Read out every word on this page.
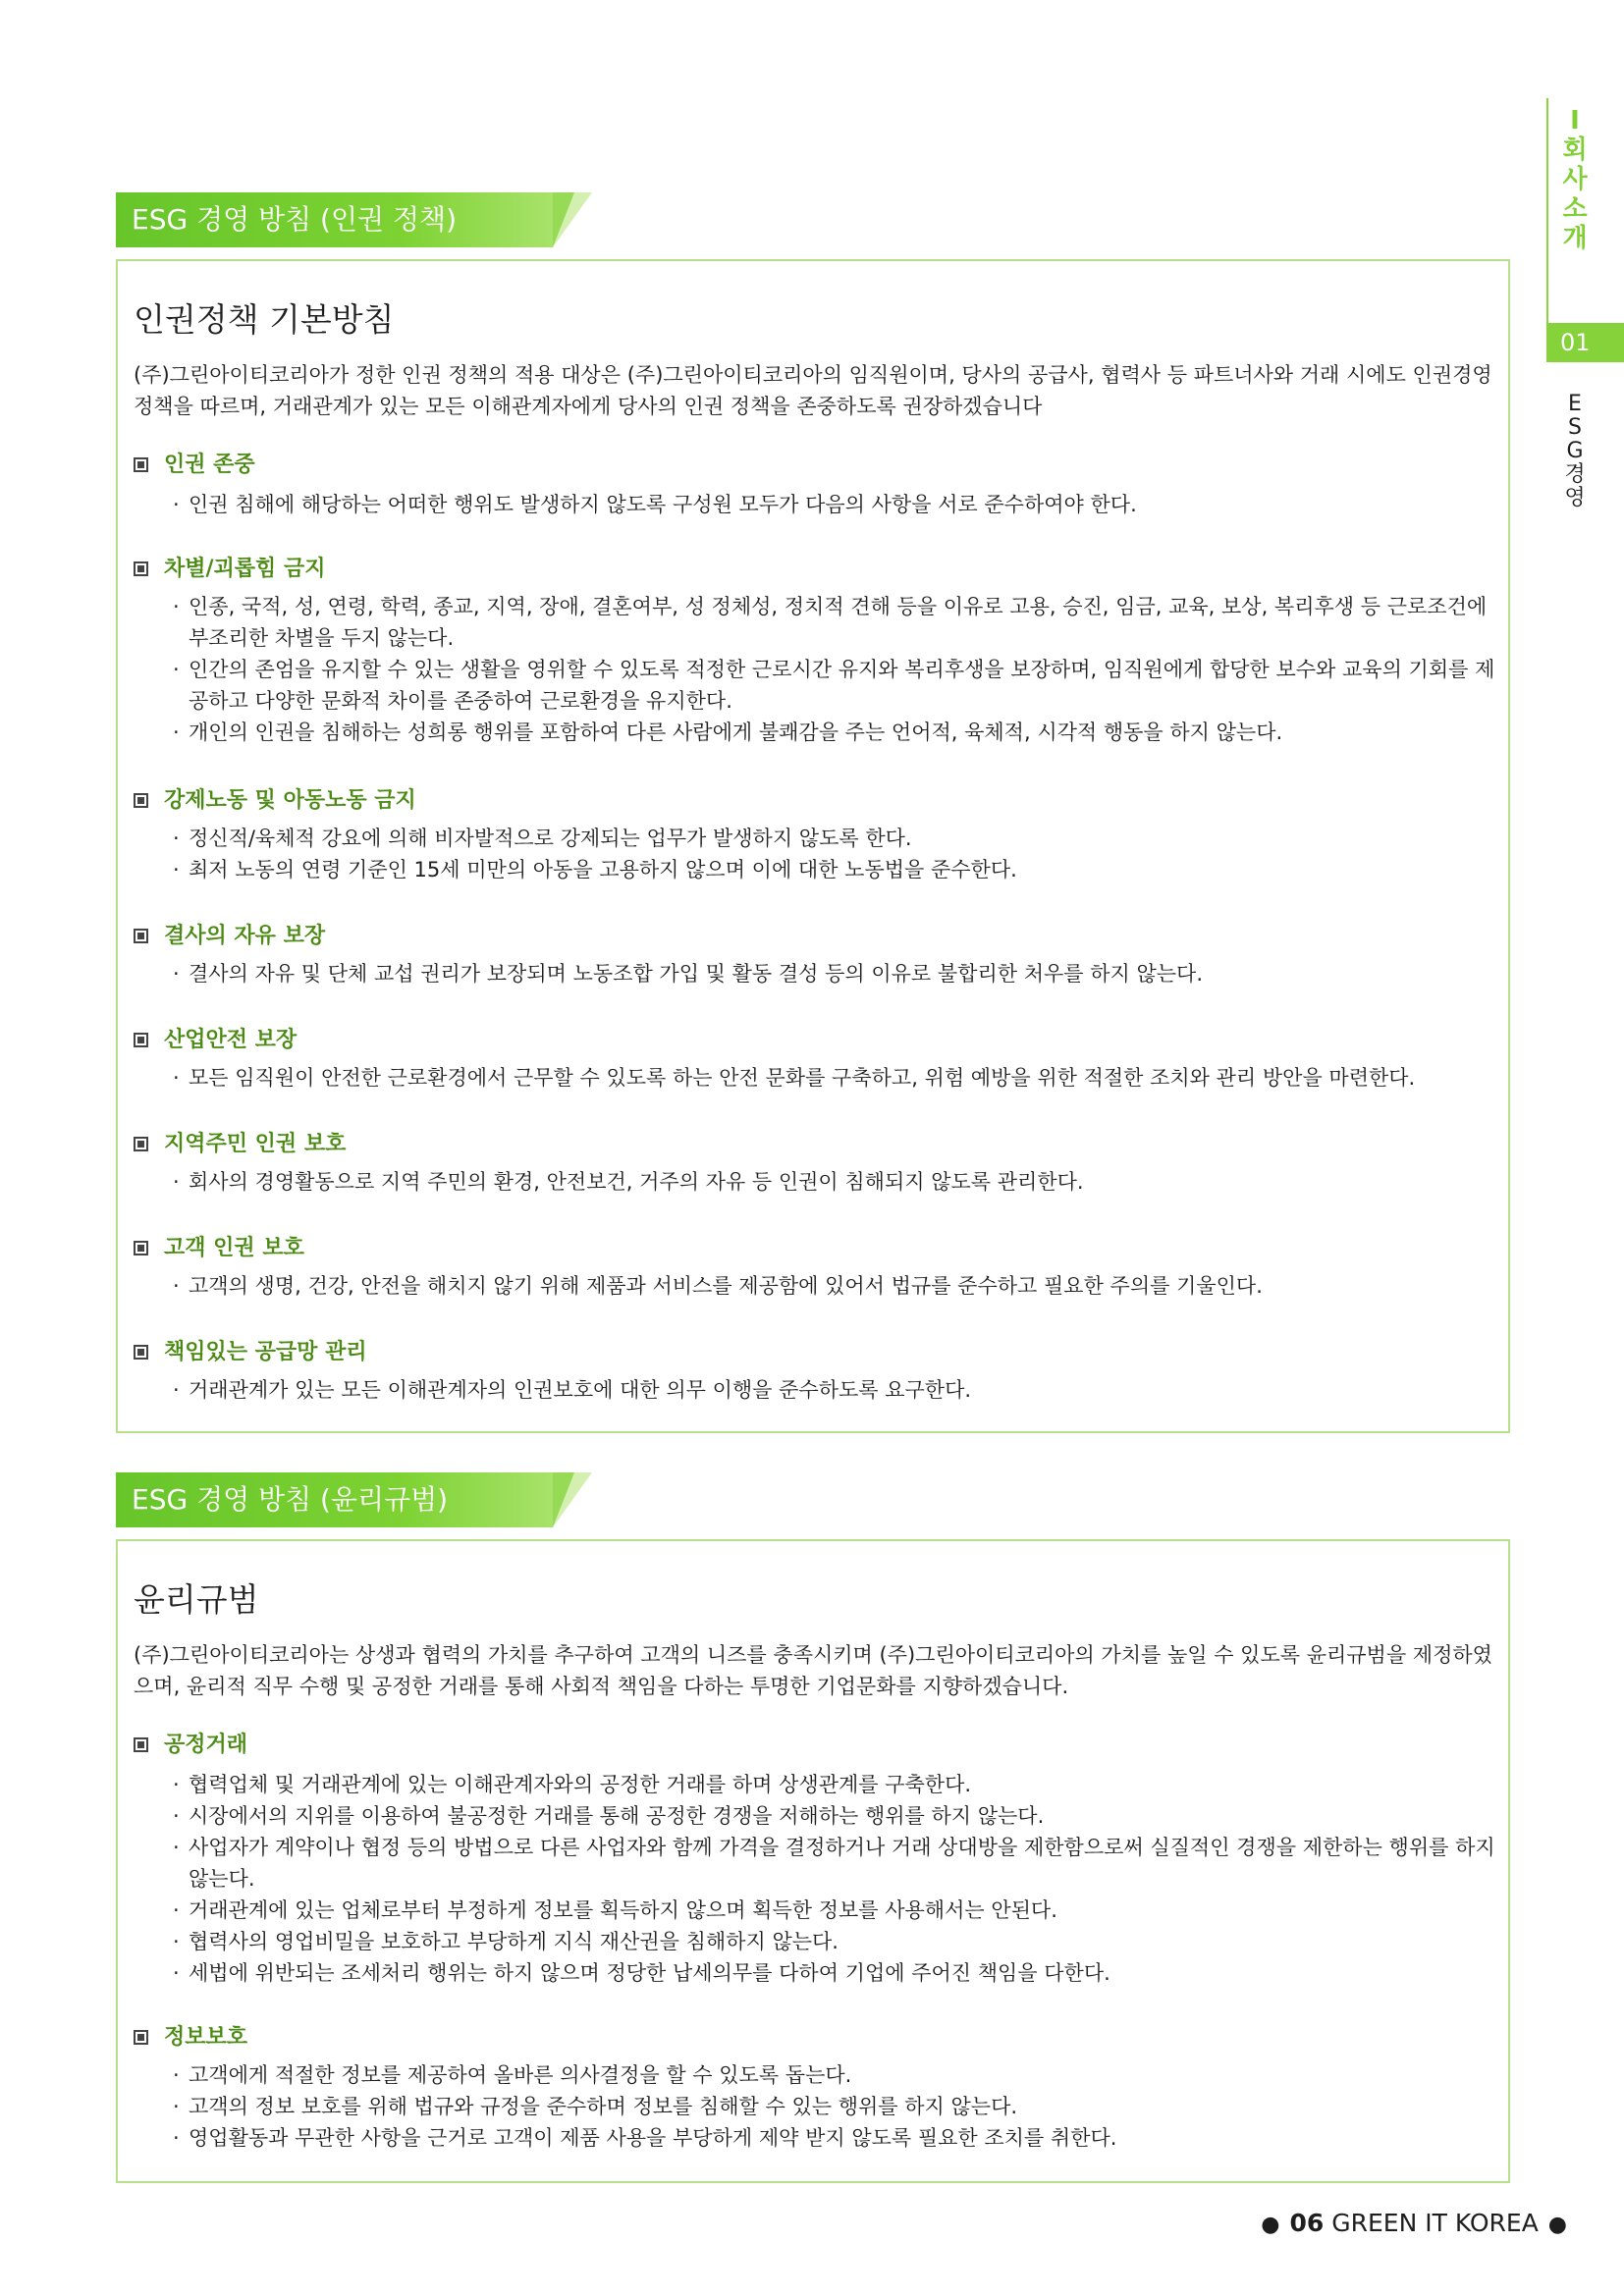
Ⅰ 회사소개
01
ESG경영
ESG 경영 방침 (인권 정책)
인권정책 기본방침
(주)그린아이티코리아가 정한 인권 정책의 적용 대상은 (주)그린아이티코리아의 임직원이며, 당사의 공급사, 협력사 등 파트너사와 거래 시에도 인권경영 정책을 따르며, 거래관계가 있는 모든 이해관계자에게 당사의 인권 정책을 존중하도록 권장하겠습니다
인권 존중
· 인권 침해에 해당하는 어떠한 행위도 발생하지 않도록 구성원 모두가 다음의 사항을 서로 준수하여야 한다.
차별/괴롭힘 금지
· 인종, 국적, 성, 연령, 학력, 종교, 지역, 장애, 결혼여부, 성 정체성, 정치적 견해 등을 이유로 고용, 승진, 임금, 교육, 보상, 복리후생 등 근로조건에 부조리한 차별을 두지 않는다.
· 인간의 존엄을 유지할 수 있는 생활을 영위할 수 있도록 적정한 근로시간 유지와 복리후생을 보장하며, 임직원에게 합당한 보수와 교육의 기회를 제공하고 다양한 문화적 차이를 존중하여 근로환경을 유지한다.
· 개인의 인권을 침해하는 성희롱 행위를 포함하여 다른 사람에게 불쾌감을 주는 언어적, 육체적, 시각적 행동을 하지 않는다.
강제노동 및 아동노동 금지
· 정신적/육체적 강요에 의해 비자발적으로 강제되는 업무가 발생하지 않도록 한다.
· 최저 노동의 연령 기준인 15세 미만의 아동을 고용하지 않으며 이에 대한 노동법을 준수한다.
결사의 자유 보장
· 결사의 자유 및 단체 교섭 권리가 보장되며 노동조합 가입 및 활동 결성 등의 이유로 불합리한 처우를 하지 않는다.
산업안전 보장
· 모든 임직원이 안전한 근로환경에서 근무할 수 있도록 하는 안전 문화를 구축하고, 위험 예방을 위한 적절한 조치와 관리 방안을 마련한다.
지역주민 인권 보호
· 회사의 경영활동으로 지역 주민의 환경, 안전보건, 거주의 자유 등 인권이 침해되지 않도록 관리한다.
고객 인권 보호
· 고객의 생명, 건강, 안전을 해치지 않기 위해 제품과 서비스를 제공함에 있어서 법규를 준수하고 필요한 주의를 기울인다.
책임있는 공급망 관리
· 거래관계가 있는 모든 이해관계자의 인권보호에 대한 의무 이행을 준수하도록 요구한다.
ESG 경영 방침 (윤리규범)
윤리규범
(주)그린아이티코리아는 상생과 협력의 가치를 추구하여 고객의 니즈를 충족시키며 (주)그린아이티코리아의 가치를 높일 수 있도록 윤리규범을 제정하였으며, 윤리적 직무 수행 및 공정한 거래를 통해 사회적 책임을 다하는 투명한 기업문화를 지향하겠습니다.
공정거래
· 협력업체 및 거래관계에 있는 이해관계자와의 공정한 거래를 하며 상생관계를 구축한다.
· 시장에서의 지위를 이용하여 불공정한 거래를 통해 공정한 경쟁을 저해하는 행위를 하지 않는다.
· 사업자가 계약이나 협정 등의 방법으로 다른 사업자와 함께 가격을 결정하거나 거래 상대방을 제한함으로써 실질적인 경쟁을 제한하는 행위를 하지 않는다.
· 거래관계에 있는 업체로부터 부정하게 정보를 획득하지 않으며 획득한 정보를 사용해서는 안된다.
· 협력사의 영업비밀을 보호하고 부당하게 지식 재산권을 침해하지 않는다.
· 세법에 위반되는 조세처리 행위는 하지 않으며 정당한 납세의무를 다하여 기업에 주어진 책임을 다한다.
정보보호
· 고객에게 적절한 정보를 제공하여 올바른 의사결정을 할 수 있도록 돕는다.
· 고객의 정보 보호를 위해 법규와 규정을 준수하며 정보를 침해할 수 있는 행위를 하지 않는다.
· 영업활동과 무관한 사항을 근거로 고객이 제품 사용을 부당하게 제약 받지 않도록 필요한 조치를 취한다.
● 06 GREEN IT KOREA ●
